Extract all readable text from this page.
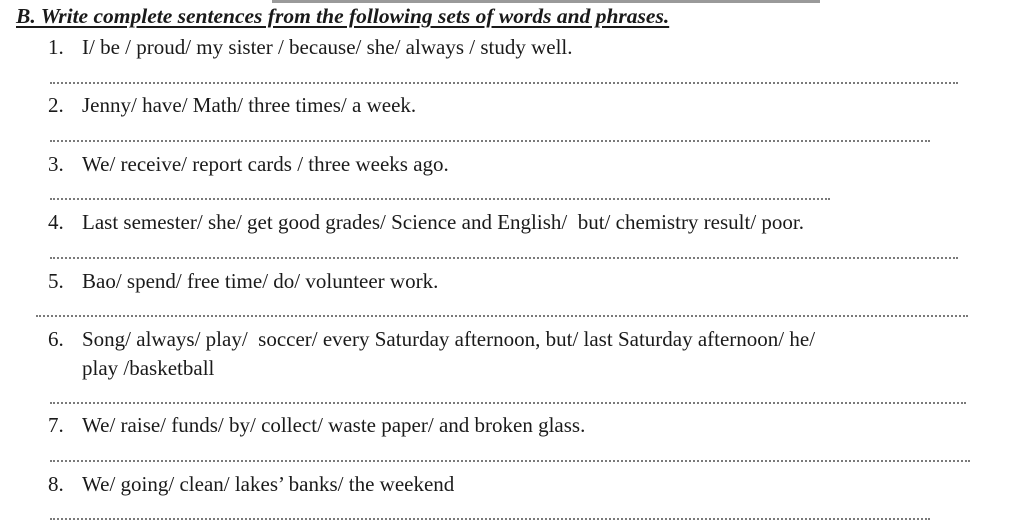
B. Write complete sentences from the following sets of words and phrases.
1. I/ be / proud/ my sister / because/ she/ always / study well.
2. Jenny/ have/ Math/ three times/ a week.
3. We/ receive/ report cards / three weeks ago.
4. Last semester/ she/ get good grades/ Science and English/  but/ chemistry result/ poor.
5. Bao/ spend/ free time/ do/ volunteer work.
6. Song/ always/ play/  soccer/ every Saturday afternoon, but/ last Saturday afternoon/ he/
play /basketball
7. We/ raise/ funds/ by/ collect/ waste paper/ and broken glass.
8. We/ going/ clean/ lakes’ banks/ the weekend
